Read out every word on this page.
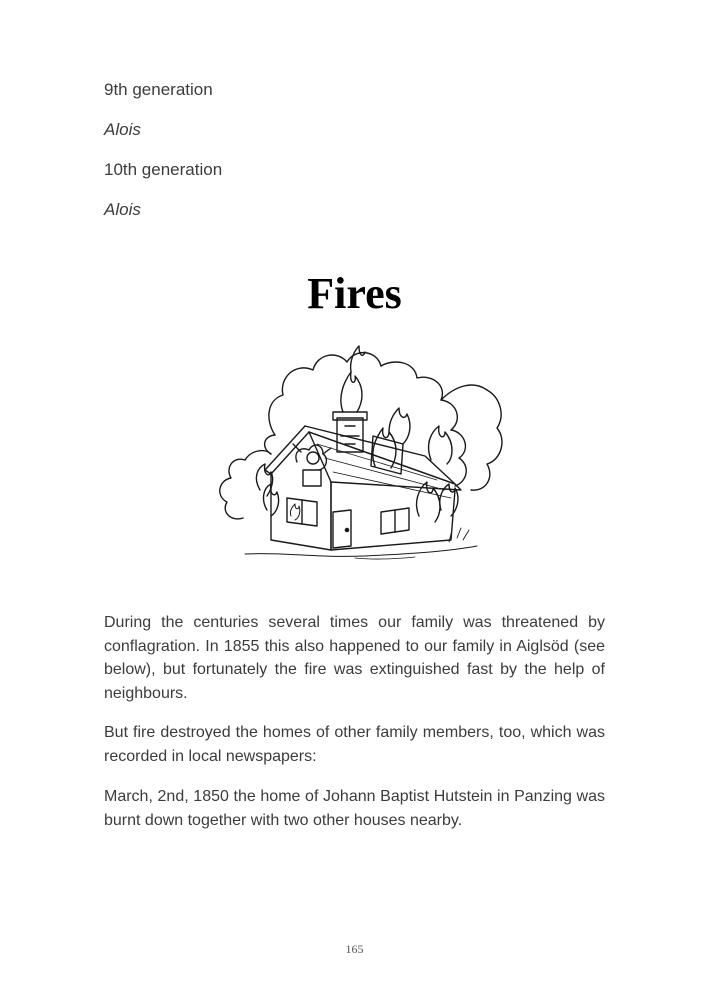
9th generation

Alois

10th generation

Alois

Fires

During the centuries several times our family was threatened by conflagration. In 1855 this also happened to our family in Aiglsöd (see below), but fortunately the fire was extinguished fast by the help of neighbours.

But fire destroyed the homes of other family members, too, which was recorded in local newspapers:

March, 2nd, 1850 the home of Johann Baptist Hutstein in Panzing was burnt down together with two other houses nearby.

165
